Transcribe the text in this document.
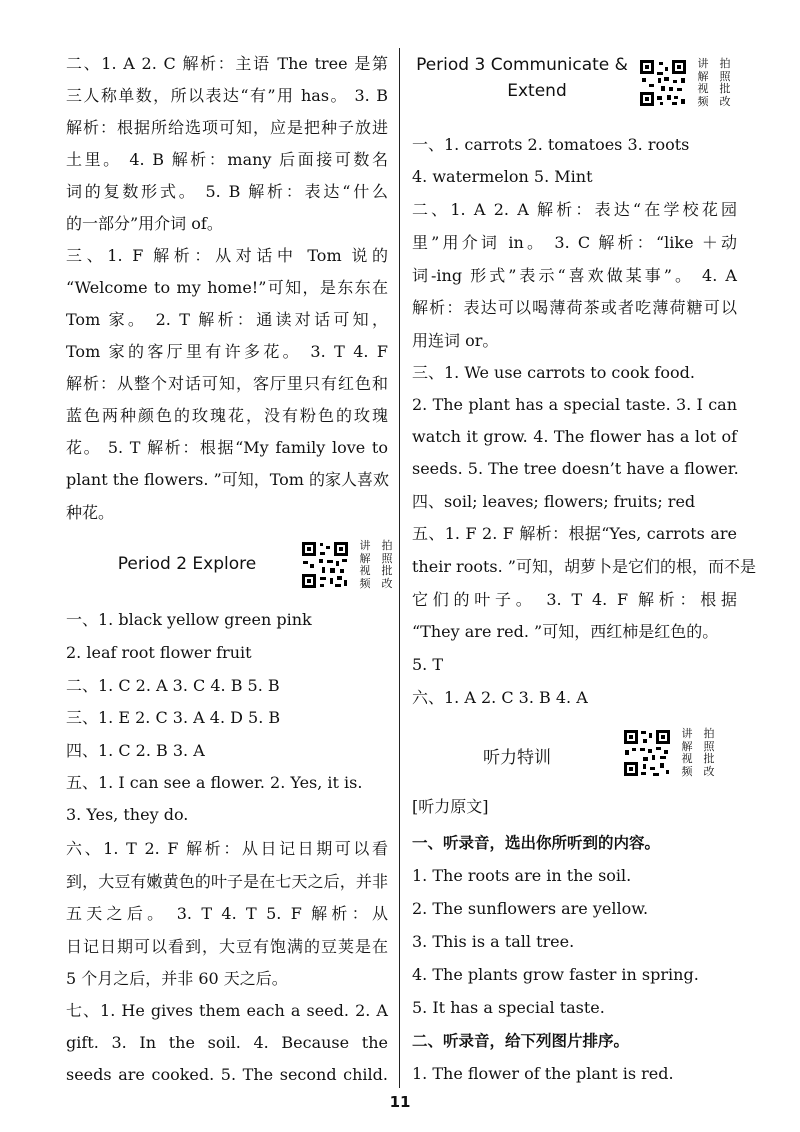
二、1. A 2. C 解析：主语 The tree 是第
三人称单数，所以表达“有”用 has。 3. B
解析：根据所给选项可知，应是把种子放进
土里。 4. B 解析：many 后面接可数名
词的复数形式。 5. B 解析：表达“什么
的一部分”用介词 of。
三、1. F 解析：从对话中 Tom 说的
“Welcome to my home!”可知，是东东在
Tom 家。 2. T 解析：通读对话可知，
Tom 家的客厅里有许多花。 3. T 4. F
解析：从整个对话可知，客厅里只有红色和
蓝色两种颜色的玫瑰花，没有粉色的玫瑰
花。 5. T 解析：根据“My family love to
plant the flowers. ”可知，Tom 的家人喜欢
种花。
Period 2 Explore
讲 拍
解 照
视 批
频 改
一、1. black yellow green pink
2. leaf root flower fruit
二、1. C 2. A 3. C 4. B 5. B
三、1. E 2. C 3. A 4. D 5. B
四、1. C 2. B 3. A
五、1. I can see a flower. 2. Yes, it is.
3. Yes, they do.
六、1. T 2. F 解析：从日记日期可以看
到，大豆有嫩黄色的叶子是在七天之后，并非
五天之后。 3. T 4. T 5. F 解析：从
日记日期可以看到，大豆有饱满的豆荚是在
5 个月之后，并非 60 天之后。
七、1. He gives them each a seed. 2. A
gift. 3. In the soil. 4. Because the
seeds are cooked. 5. The second child.
Period 3 Communicate &
Extend
讲 拍
解 照
视 批
频 改
一、1. carrots 2. tomatoes 3. roots
4. watermelon 5. Mint
二、1. A 2. A 解析：表达“在学校花园
里”用介词 in。 3. C 解析：“like ＋动
词-ing 形式”表示“喜欢做某事”。 4. A
解析：表达可以喝薄荷茶或者吃薄荷糖可以
用连词 or。
三、1. We use carrots to cook food.
2. The plant has a special taste. 3. I can
watch it grow. 4. The flower has a lot of
seeds. 5. The tree doesn’t have a flower.
四、soil; leaves; flowers; fruits; red
五、1. F 2. F 解析：根据“Yes, carrots are
their roots. ”可知，胡萝卜是它们的根，而不是
它们的叶子。 3. T 4. F 解析：根据
“They are red. ”可知，西红柿是红色的。
5. T
六、1. A 2. C 3. B 4. A
听力特训
讲 拍
解 照
视 批
频 改
[听力原文]
一、听录音，选出你所听到的内容。
1. The roots are in the soil.
2. The sunflowers are yellow.
3. This is a tall tree.
4. The plants grow faster in spring.
5. It has a special taste.
二、听录音，给下列图片排序。
1. The flower of the plant is red.
11
